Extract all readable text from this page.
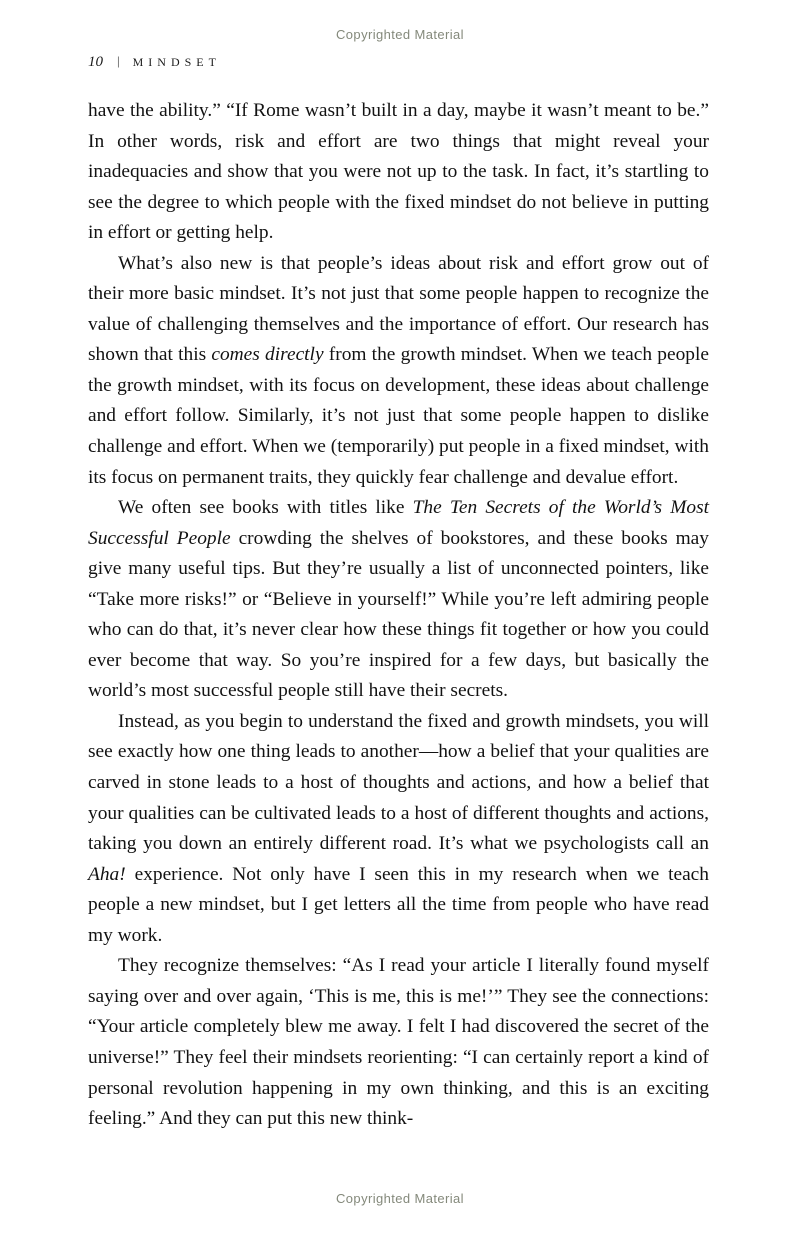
Copyrighted Material
10 | MINDSET

have the ability.” “If Rome wasn’t built in a day, maybe it wasn’t meant to be.” In other words, risk and effort are two things that might reveal your inadequacies and show that you were not up to the task. In fact, it’s startling to see the degree to which people with the fixed mindset do not believe in putting in effort or getting help.

What’s also new is that people’s ideas about risk and effort grow out of their more basic mindset. It’s not just that some people happen to recognize the value of challenging themselves and the importance of effort. Our research has shown that this comes directly from the growth mindset. When we teach people the growth mindset, with its focus on development, these ideas about challenge and effort follow. Similarly, it’s not just that some people happen to dislike challenge and effort. When we (temporarily) put people in a fixed mindset, with its focus on permanent traits, they quickly fear challenge and devalue effort.

We often see books with titles like The Ten Secrets of the World’s Most Successful People crowding the shelves of bookstores, and these books may give many useful tips. But they’re usually a list of unconnected pointers, like “Take more risks!” or “Believe in yourself!” While you’re left admiring people who can do that, it’s never clear how these things fit together or how you could ever become that way. So you’re inspired for a few days, but basically the world’s most successful people still have their secrets.

Instead, as you begin to understand the fixed and growth mindsets, you will see exactly how one thing leads to another—how a belief that your qualities are carved in stone leads to a host of thoughts and actions, and how a belief that your qualities can be cultivated leads to a host of different thoughts and actions, taking you down an entirely different road. It’s what we psychologists call an Aha! experience. Not only have I seen this in my research when we teach people a new mindset, but I get letters all the time from people who have read my work.

They recognize themselves: “As I read your article I literally found myself saying over and over again, ‘This is me, this is me!’” They see the connections: “Your article completely blew me away. I felt I had discovered the secret of the universe!” They feel their mindsets reorienting: “I can certainly report a kind of personal revolution happening in my own thinking, and this is an exciting feeling.” And they can put this new think-

Copyrighted Material
